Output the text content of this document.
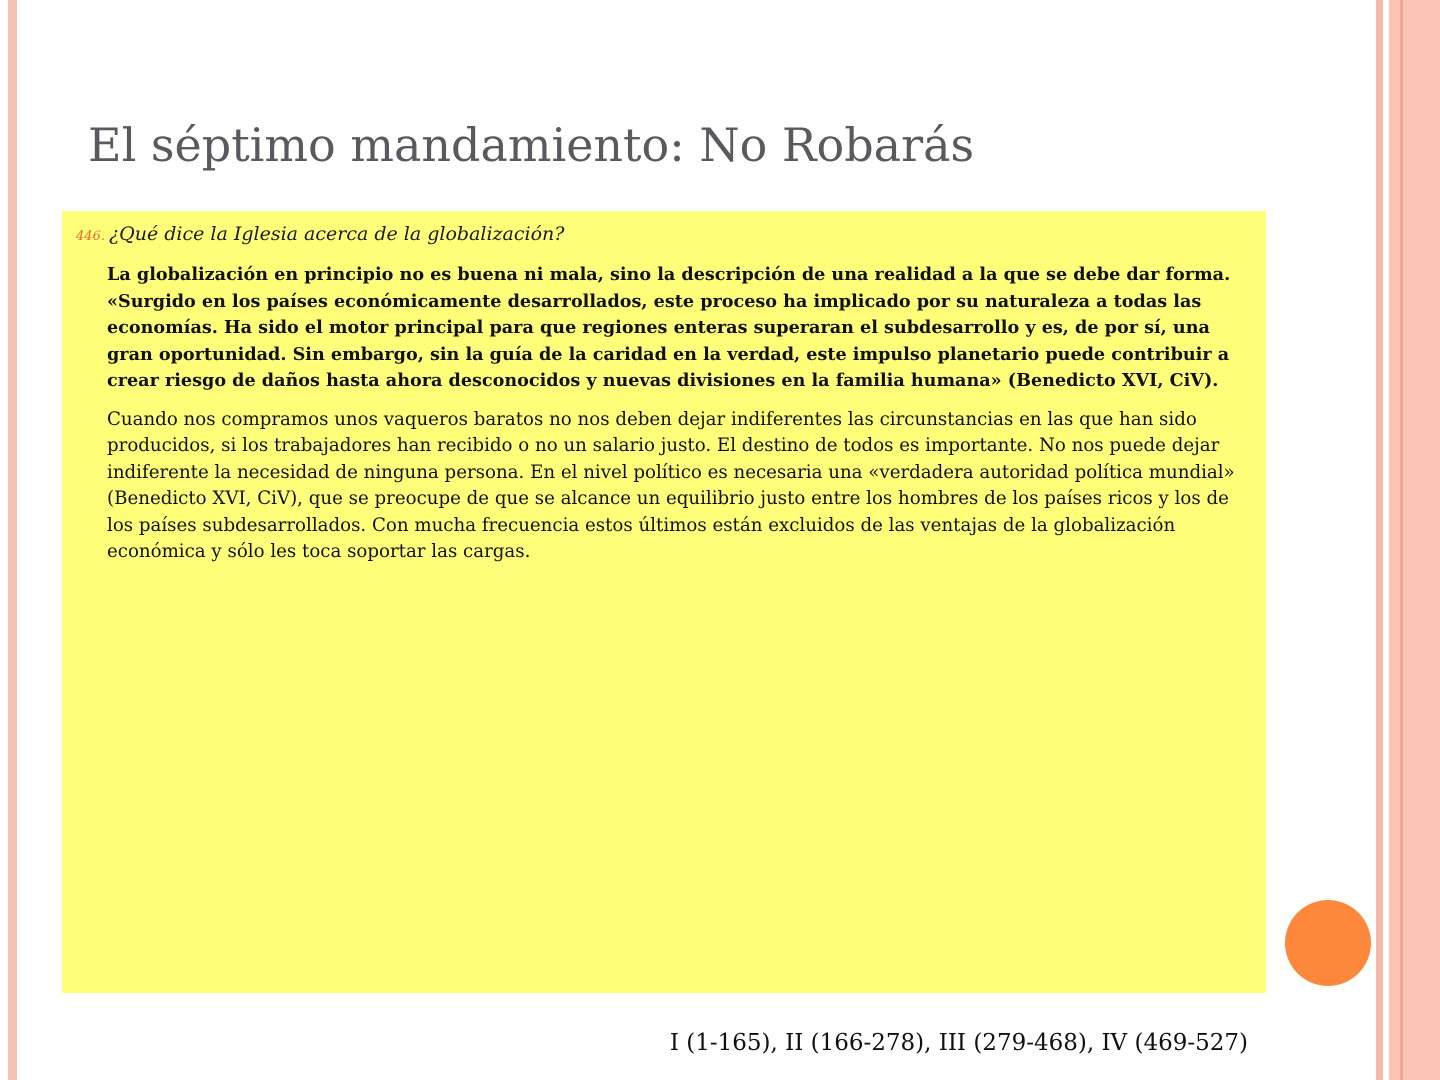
El séptimo mandamiento: No Robarás

446. ¿Qué dice la Iglesia acerca de la globalización?

La globalización en principio no es buena ni mala, sino la descripción de una realidad a la que se debe dar forma. «Surgido en los países económicamente desarrollados, este proceso ha implicado por su naturaleza a todas las economías. Ha sido el motor principal para que regiones enteras superaran el subdesarrollo y es, de por sí, una gran oportunidad. Sin embargo, sin la guía de la caridad en la verdad, este impulso planetario puede contribuir a crear riesgo de daños hasta ahora desconocidos y nuevas divisiones en la familia humana» (Benedicto XVI, CiV).

Cuando nos compramos unos vaqueros baratos no nos deben dejar indiferentes las circunstancias en las que han sido producidos, si los trabajadores han recibido o no un salario justo. El destino de todos es importante. No nos puede dejar indiferente la necesidad de ninguna persona. En el nivel político es necesaria una «verdadera autoridad política mundial» (Benedicto XVI, CiV), que se preocupe de que se alcance un equilibrio justo entre los hombres de los países ricos y los de los países subdesarrollados. Con mucha frecuencia estos últimos están excluidos de las ventajas de la globalización económica y sólo les toca soportar las cargas.

I (1-165), II (166-278), III (279-468), IV (469-527)
